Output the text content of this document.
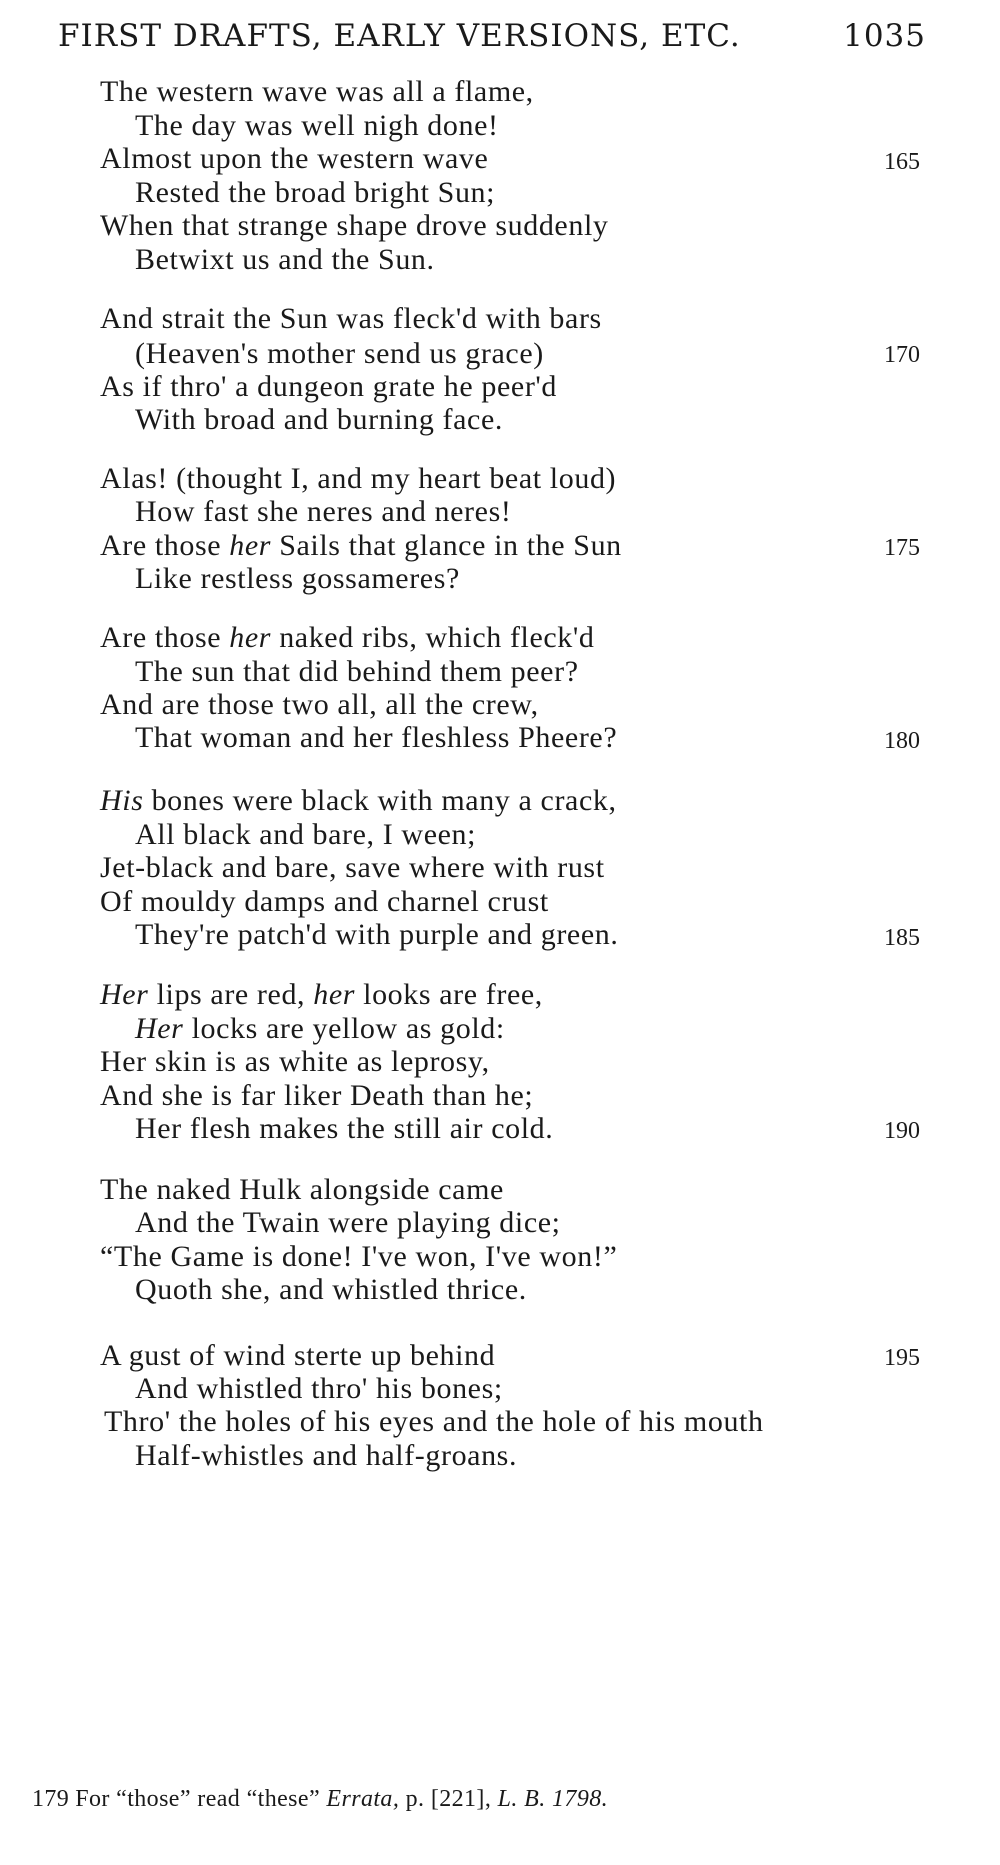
FIRST DRAFTS, EARLY VERSIONS, ETC.	1035
The western wave was all a flame,
The day was well nigh done!
Almost upon the western wave	165
Rested the broad bright Sun;
When that strange shape drove suddenly
Betwixt us and the Sun.
And strait the Sun was fleck'd with bars
(Heaven's mother send us grace)	170
As if thro' a dungeon grate he peer'd
With broad and burning face.
Alas! (thought I, and my heart beat loud)
How fast she neres and neres!
Are those her Sails that glance in the Sun	175
Like restless gossameres?
Are those her naked ribs, which fleck'd
The sun that did behind them peer?
And are those two all, all the crew,
That woman and her fleshless Pheere?	180
His bones were black with many a crack,
All black and bare, I ween;
Jet-black and bare, save where with rust
Of mouldy damps and charnel crust
They're patch'd with purple and green.	185
Her lips are red, her looks are free,
Her locks are yellow as gold:
Her skin is as white as leprosy,
And she is far liker Death than he;
Her flesh makes the still air cold.	190
The naked Hulk alongside came
And the Twain were playing dice;
“The Game is done! I've won, I've won!”
Quoth she, and whistled thrice.
A gust of wind sterte up behind	195
And whistled thro' his bones;
Thro' the holes of his eyes and the hole of his mouth
Half-whistles and half-groans.
179 For “those” read “these” Errata, p. [221], L. B. 1798.
